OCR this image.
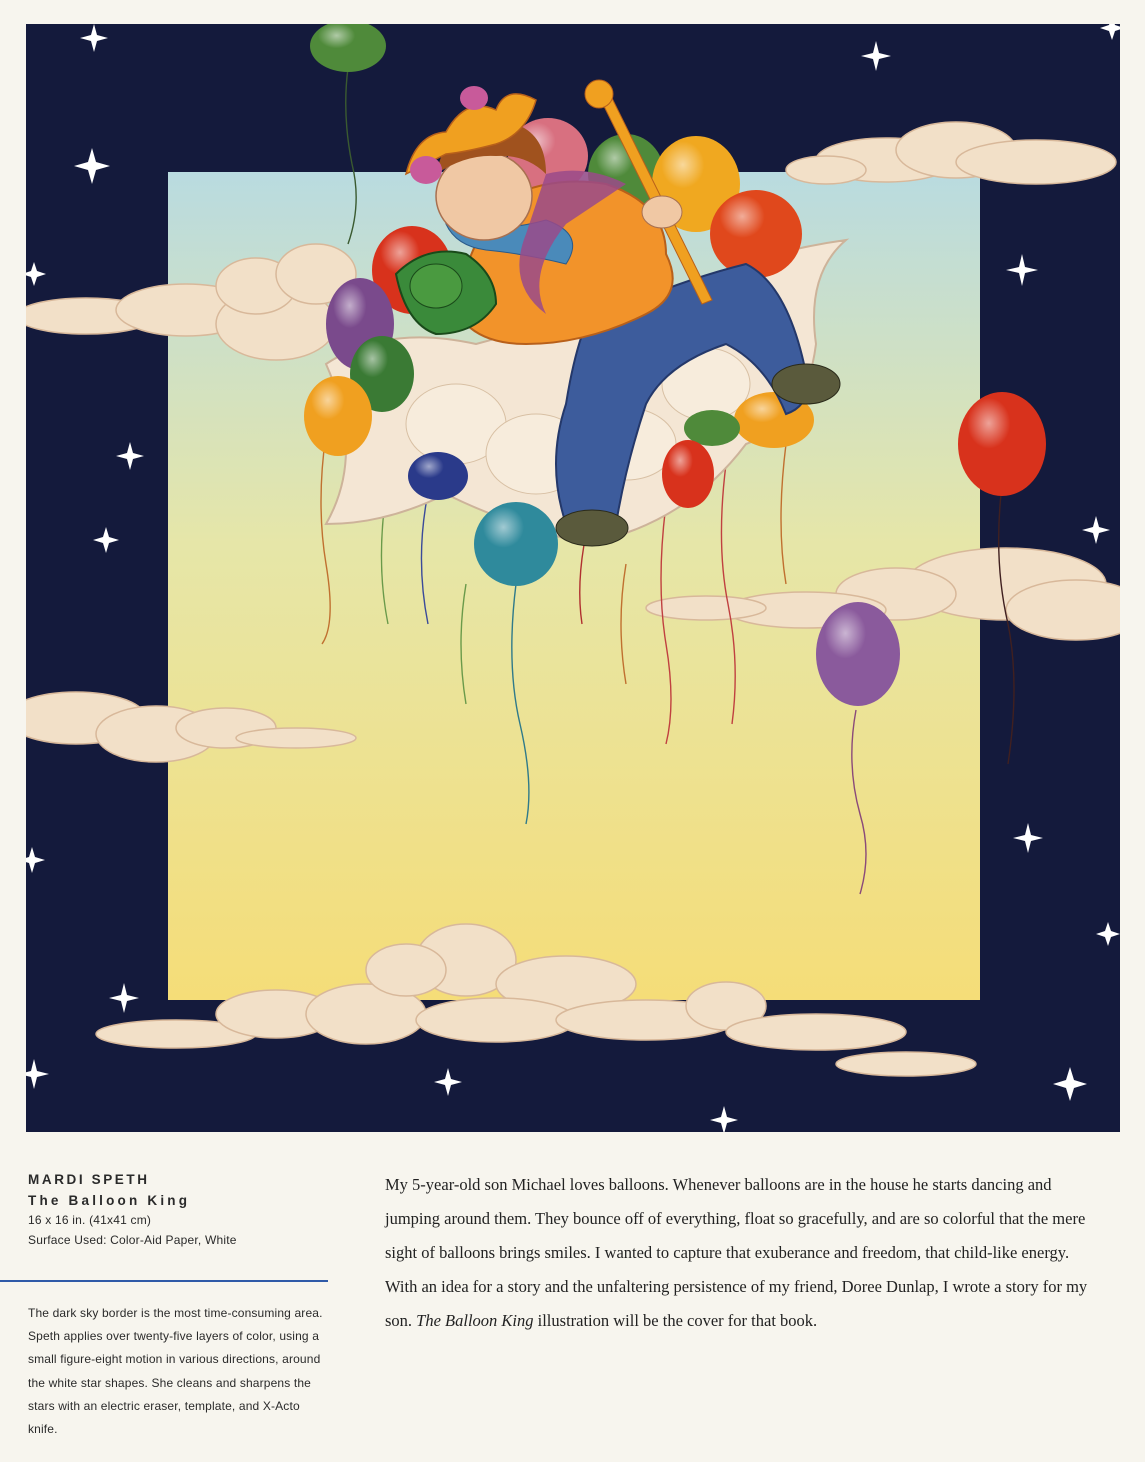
MARDI SPETH
The Balloon King
16 x 16 in. (41x41 cm)
Surface Used: Color-Aid Paper, White

The dark sky border is the most time-consuming area. Speth applies over twenty-five layers of color, using a small figure-eight motion in various directions, around the white star shapes. She cleans and sharpens the stars with an electric eraser, template, and X-Acto knife.

My 5-year-old son Michael loves balloons. Whenever balloons are in the house he starts dancing and jumping around them. They bounce off of everything, float so gracefully, and are so colorful that the mere sight of balloons brings smiles. I wanted to capture that exuberance and freedom, that child-like energy. With an idea for a story and the unfaltering persistence of my friend, Doree Dunlap, I wrote a story for my son. The Balloon King illustration will be the cover for that book.
